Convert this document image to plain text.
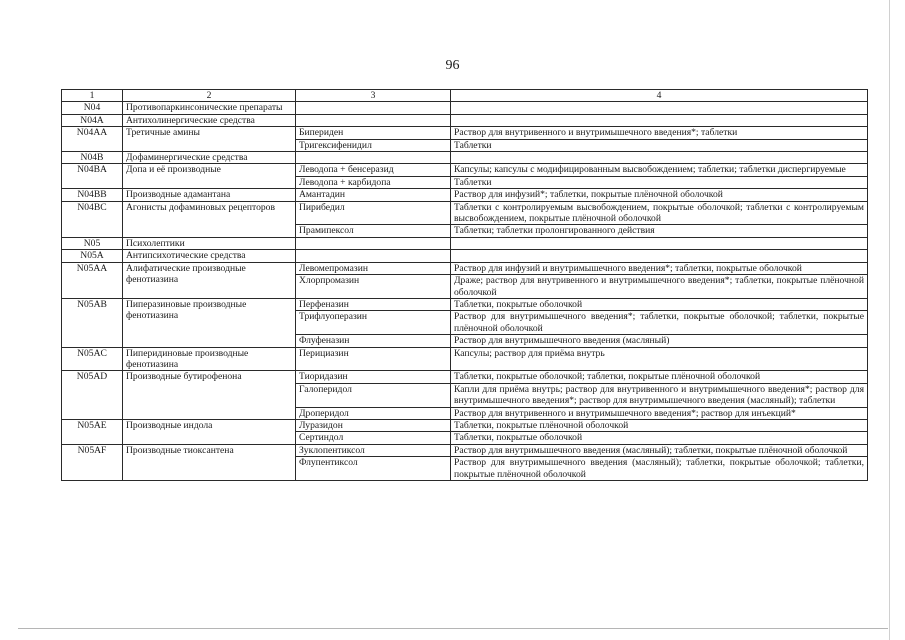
96
1	2	3	4
N04	Противопаркинсонические препараты		
N04A	Антихолинергические средства		
N04AA	Третичные амины	Бипериден	Раствор для внутривенного и внутримышечного введения*; таблетки
		Тригексифенидил	Таблетки
N04B	Дофаминергические средства		
N04BA	Допа и её производные	Леводопа + бенсеразид	Капсулы; капсулы с модифицированным высвобождением; таблетки; таблетки диспергируемые
		Леводопа + карбидопа	Таблетки
N04BB	Производные адамантана	Амантадин	Раствор для инфузий*; таблетки, покрытые плёночной оболочкой
N04BC	Агонисты дофаминовых рецепторов	Пирибедил	Таблетки с контролируемым высвобождением, покрытые оболочкой; таблетки с контролируемым высвобождением, покрытые плёночной оболочкой
		Прамипексол	Таблетки; таблетки пролонгированного действия
N05	Психолептики		
N05A	Антипсихотические средства		
N05AA	Алифатические производные фенотиазина	Левомепромазин	Раствор для инфузий и внутримышечного введения*; таблетки, покрытые оболочкой
		Хлорпромазин	Драже; раствор для внутривенного и внутримышечного введения*; таблетки, покрытые плёночной оболочкой
N05AB	Пиперазиновые производные фенотиазина	Перфеназин	Таблетки, покрытые оболочкой
		Трифлуоперазин	Раствор для внутримышечного введения*; таблетки, покрытые оболочкой; таблетки, покрытые плёночной оболочкой
		Флуфеназин	Раствор для внутримышечного введения (масляный)
N05AC	Пиперидиновые производные фенотиазина	Перициазин	Капсулы; раствор для приёма внутрь
N05AD	Производные бутирофенона	Тиоридазин	Таблетки, покрытые оболочкой; таблетки, покрытые плёночной оболочкой
		Галоперидол	Капли для приёма внутрь; раствор для внутривенного и внутримышечного введения*; раствор для внутримышечного введения*; раствор для внутримышечного введения (масляный); таблетки
		Дроперидол	Раствор для внутривенного и внутримышечного введения*; раствор для инъекций*
N05AE	Производные индола	Луразидон	Таблетки, покрытые плёночной оболочкой
		Сертиндол	Таблетки, покрытые оболочкой
N05AF	Производные тиоксантена	Зуклопентиксол	Раствор для внутримышечного введения (масляный); таблетки, покрытые плёночной оболочкой
		Флупентиксол	Раствор для внутримышечного введения (масляный); таблетки, покрытые оболочкой; таблетки, покрытые плёночной оболочкой
